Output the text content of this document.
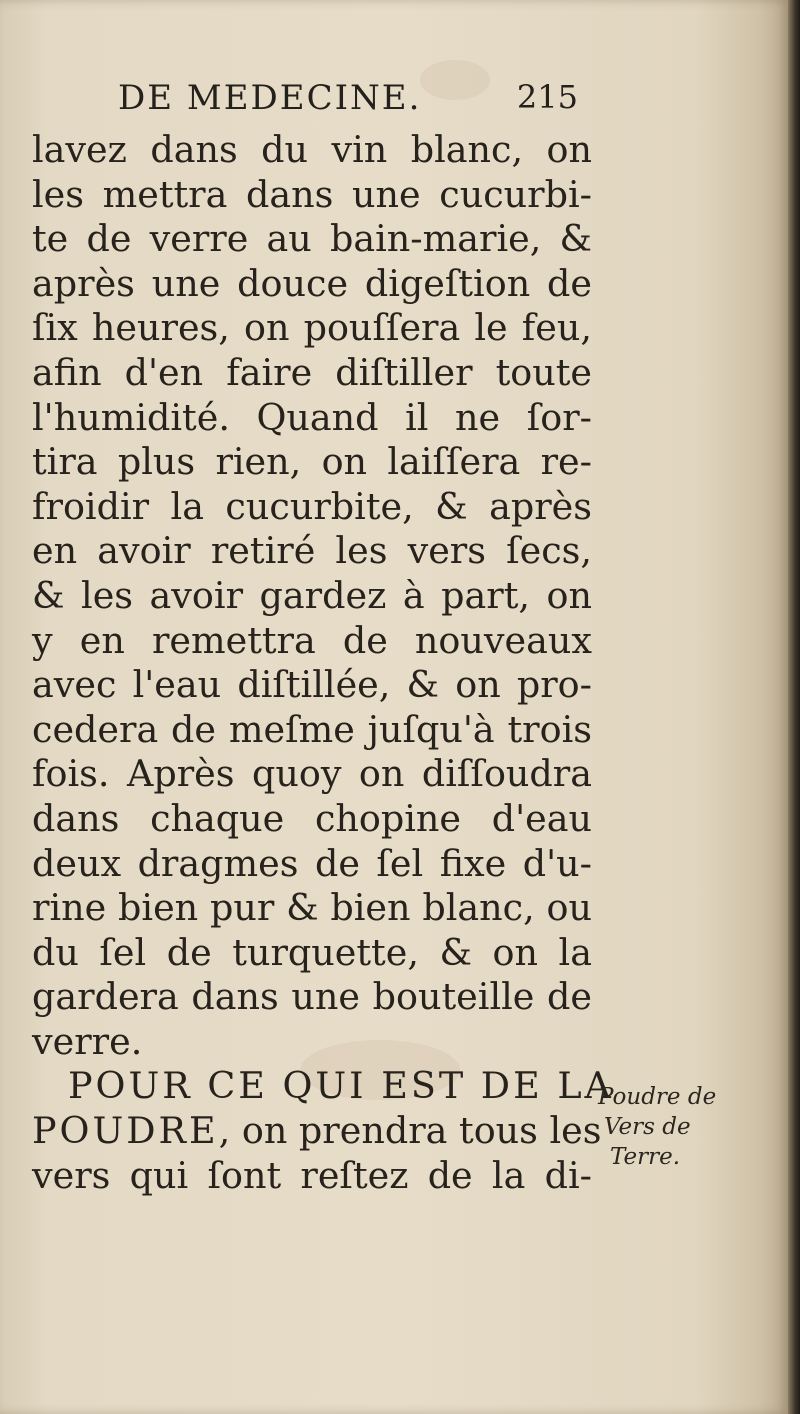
DE MEDECINE.	215
lavez dans du vin blanc, on
les mettra dans une cucurbi-
te de verre au bain-marie, &
après une douce digeſtion de
ſix heures, on pouſſera le feu,
afin d'en faire diſtiller toute
l'humidité. Quand il ne ſor-
tira plus rien, on laiſſera re-
froidir la cucurbite, & après
en avoir retiré les vers ſecs,
& les avoir gardez à part, on
y en remettra de nouveaux
avec l'eau diſtillée, & on pro-
cedera de meſme juſqu'à trois
fois. Après quoy on diſſoudra
dans chaque chopine d'eau
deux dragmes de ſel fixe d'u-
rine bien pur & bien blanc, ou
du ſel de turquette, & on la
gardera dans une bouteille de
verre.
POUR CE QUI EST DE LA
POUDRE, on prendra tous les
vers qui ſont reſtez de la di-
Poudre de
Vers de
Terre.
